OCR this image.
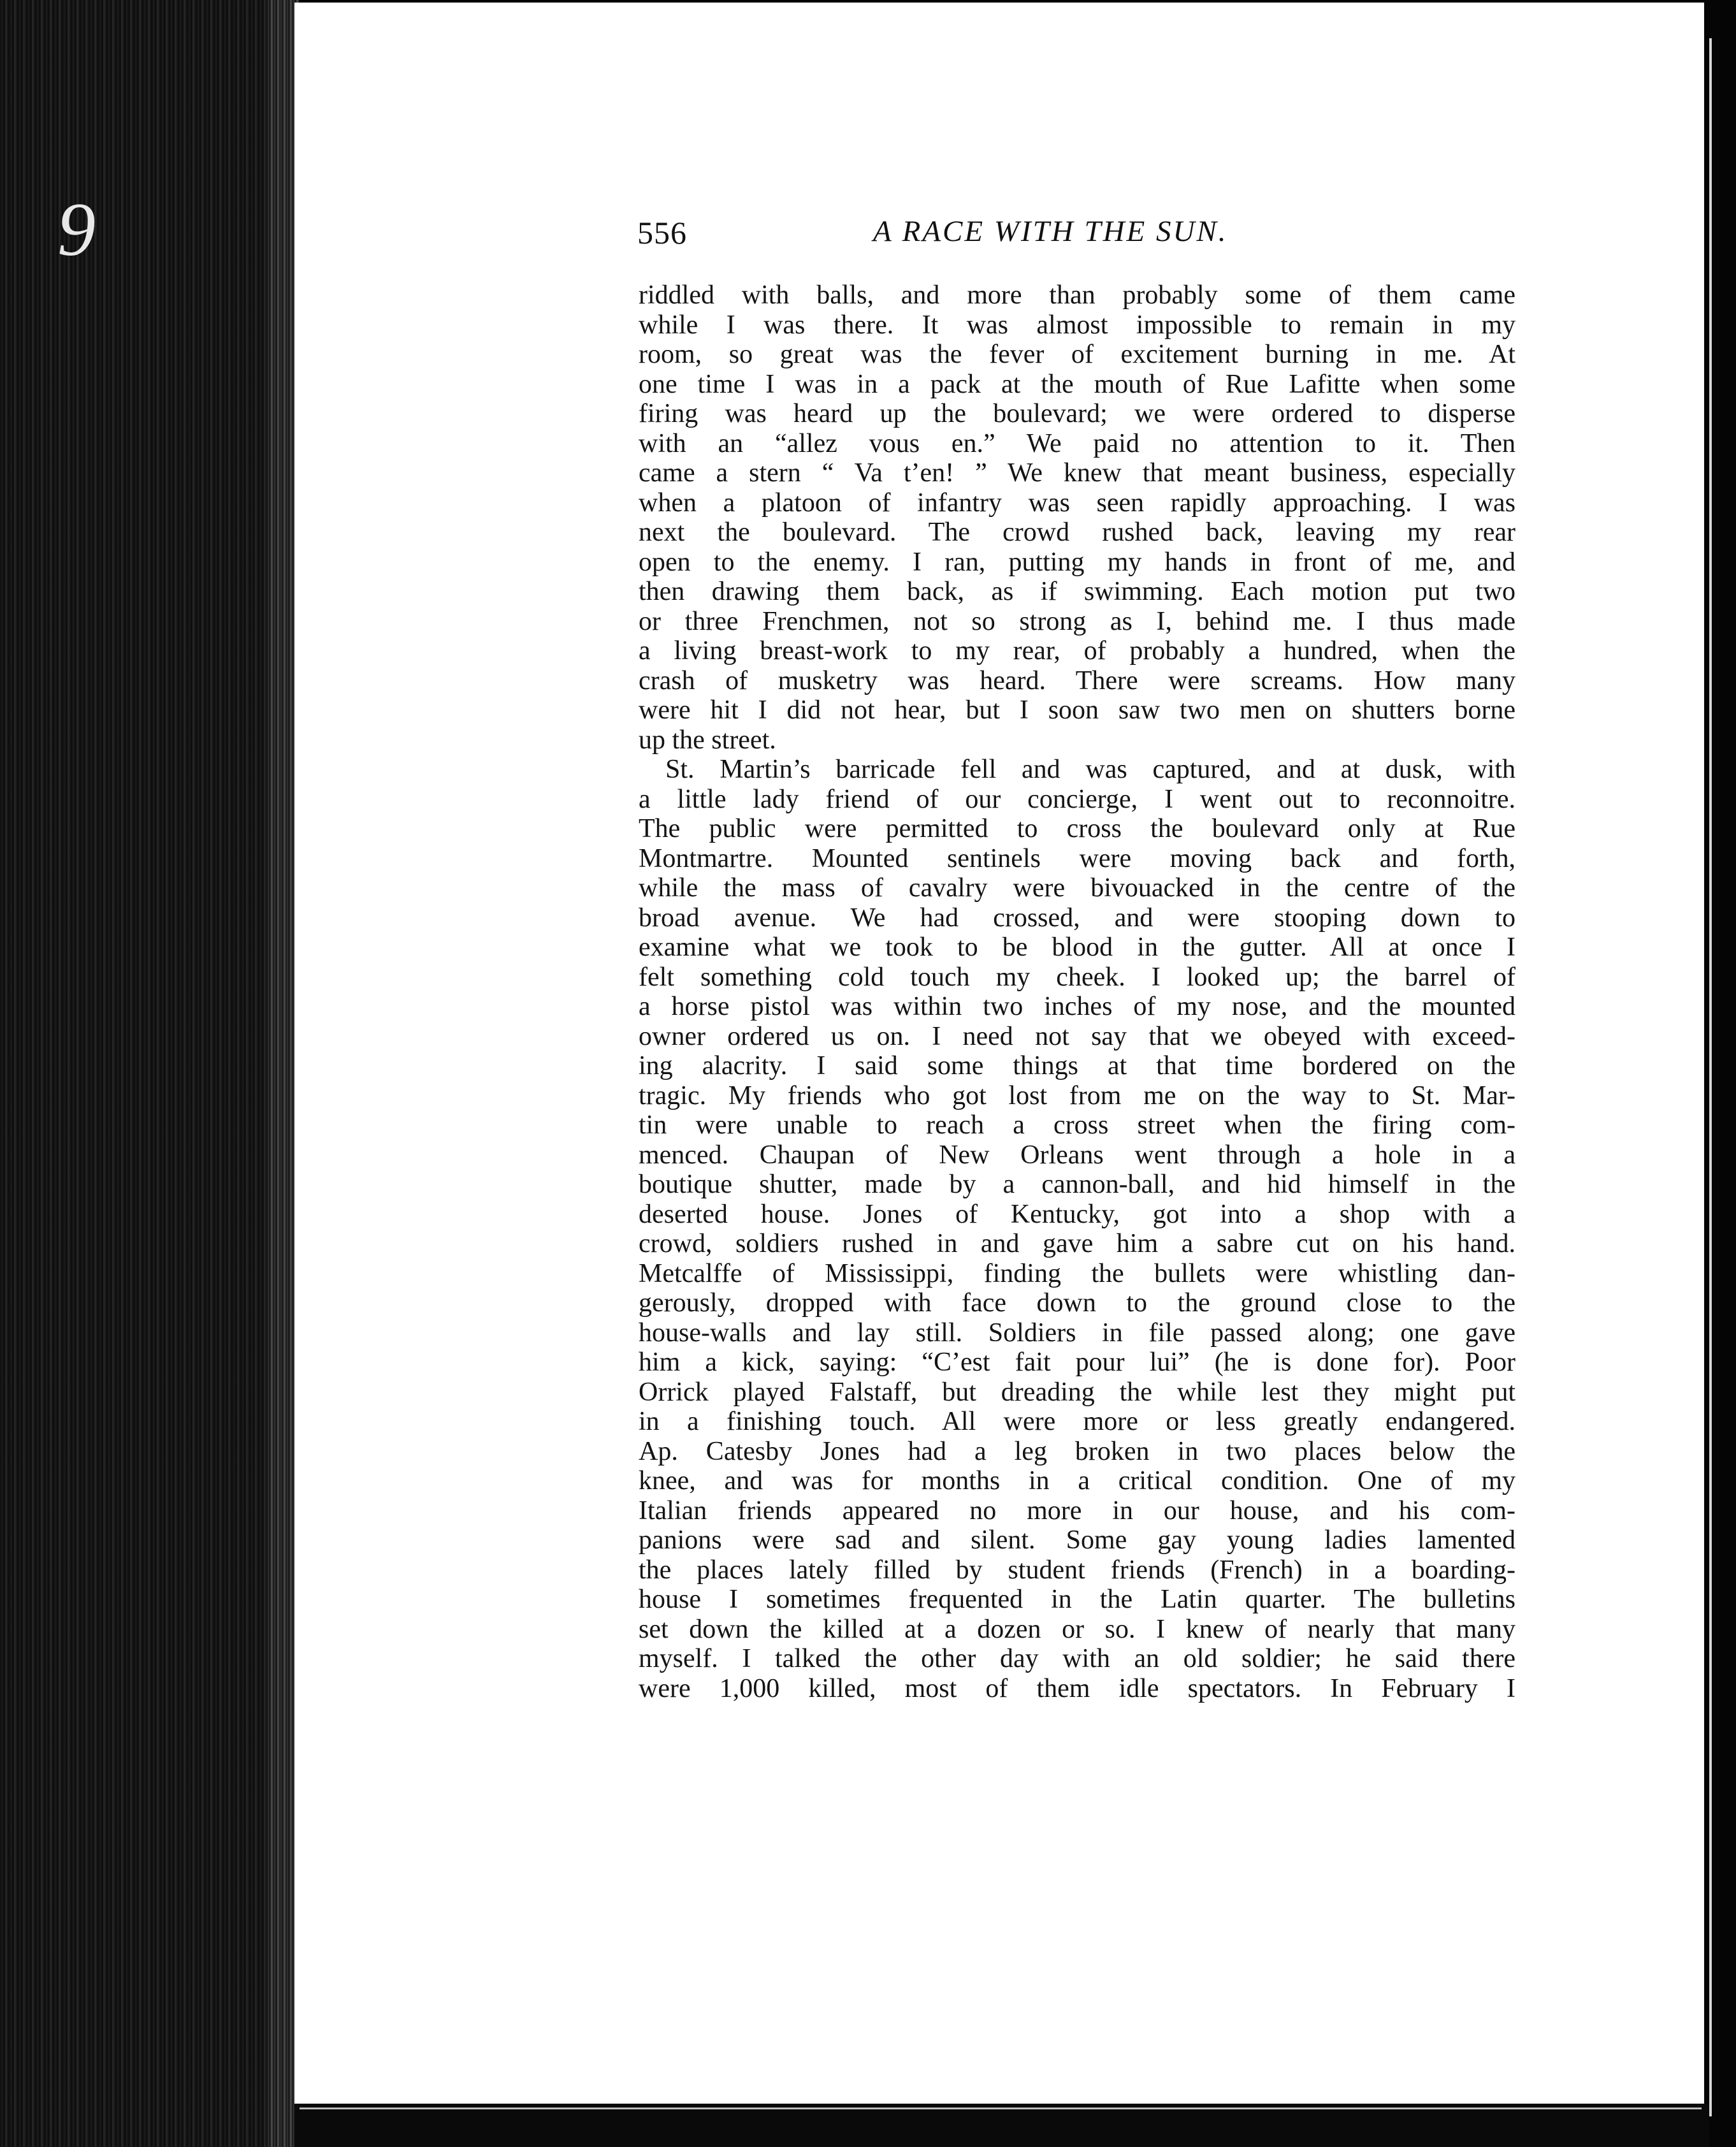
9	556	A RACE WITH THE SUN.
riddled with balls, and more than probably some of them came
while I was there. It was almost impossible to remain in my
room, so great was the fever of excitement burning in me. At
one time I was in a pack at the mouth of Rue Lafitte when some
firing was heard up the boulevard; we were ordered to disperse
with an “allez vous en.” We paid no attention to it. Then
came a stern “ Va t’en! ” We knew that meant business, especially
when a platoon of infantry was seen rapidly approaching. I was
next the boulevard. The crowd rushed back, leaving my rear
open to the enemy. I ran, putting my hands in front of me, and
then drawing them back, as if swimming. Each motion put two
or three Frenchmen, not so strong as I, behind me. I thus made
a living breast-work to my rear, of probably a hundred, when the
crash of musketry was heard. There were screams. How many
were hit I did not hear, but I soon saw two men on shutters borne
up the street.
St. Martin’s barricade fell and was captured, and at dusk, with
a little lady friend of our concierge, I went out to reconnoitre.
The public were permitted to cross the boulevard only at Rue
Montmartre. Mounted sentinels were moving back and forth,
while the mass of cavalry were bivouacked in the centre of the
broad avenue. We had crossed, and were stooping down to
examine what we took to be blood in the gutter. All at once I
felt something cold touch my cheek. I looked up; the barrel of
a horse pistol was within two inches of my nose, and the mounted
owner ordered us on. I need not say that we obeyed with exceed-
ing alacrity. I said some things at that time bordered on the
tragic. My friends who got lost from me on the way to St. Mar-
tin were unable to reach a cross street when the firing com-
menced. Chaupan of New Orleans went through a hole in a
boutique shutter, made by a cannon-ball, and hid himself in the
deserted house. Jones of Kentucky, got into a shop with a
crowd, soldiers rushed in and gave him a sabre cut on his hand.
Metcalffe of Mississippi, finding the bullets were whistling dan-
gerously, dropped with face down to the ground close to the
house-walls and lay still. Soldiers in file passed along; one gave
him a kick, saying: “C’est fait pour lui” (he is done for). Poor
Orrick played Falstaff, but dreading the while lest they might put
in a finishing touch. All were more or less greatly endangered.
Ap. Catesby Jones had a leg broken in two places below the
knee, and was for months in a critical condition. One of my
Italian friends appeared no more in our house, and his com-
panions were sad and silent. Some gay young ladies lamented
the places lately filled by student friends (French) in a boarding-
house I sometimes frequented in the Latin quarter. The bulletins
set down the killed at a dozen or so. I knew of nearly that many
myself. I talked the other day with an old soldier; he said there
were 1,000 killed, most of them idle spectators. In February I
